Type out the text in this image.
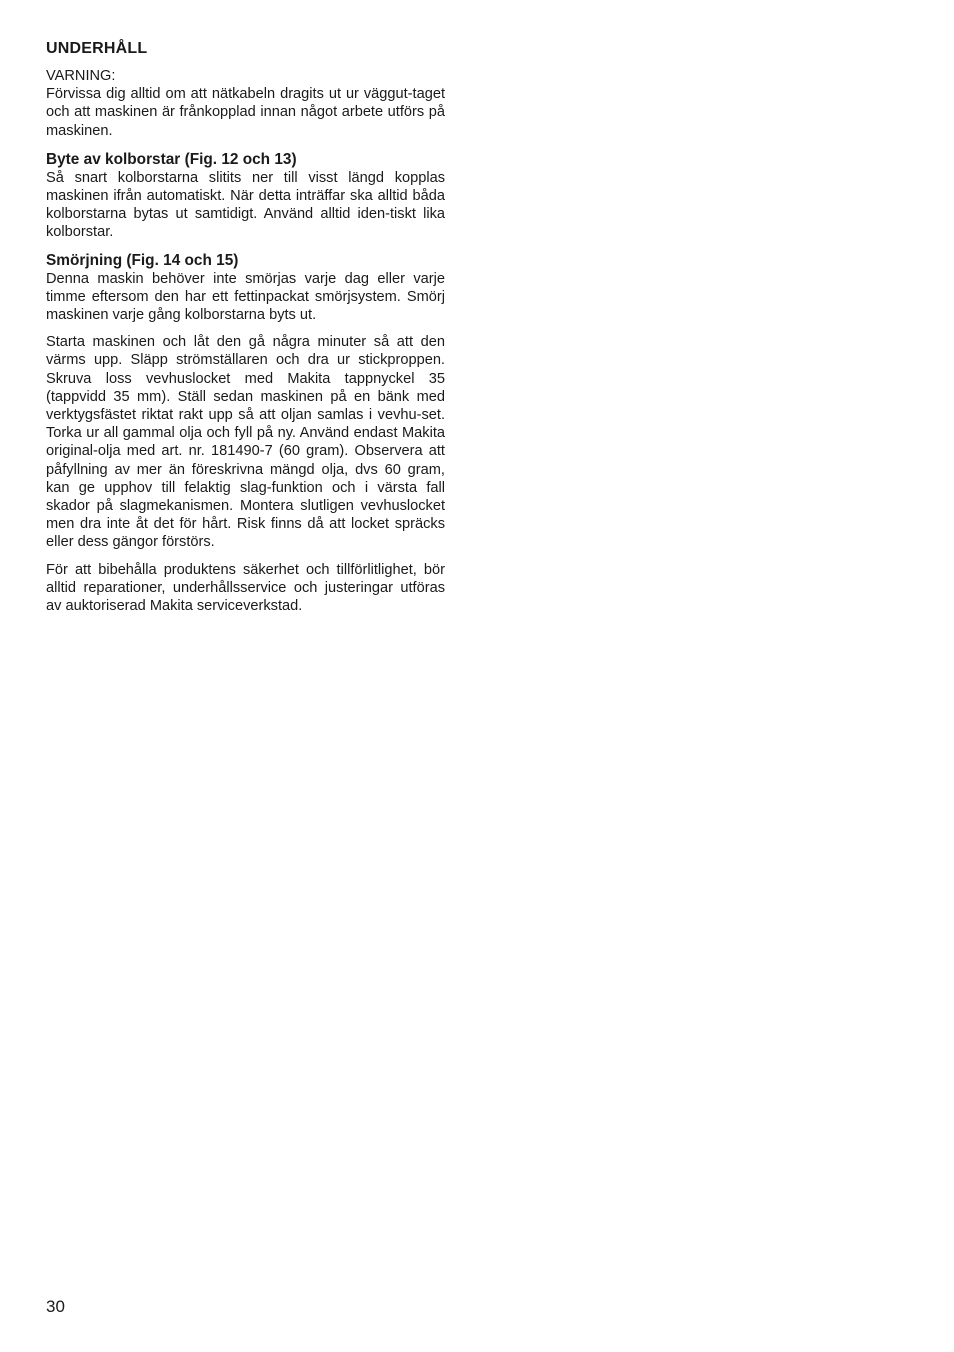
UNDERHÅLL
VARNING:

Förvissa dig alltid om att nätkabeln dragits ut ur väggut-taget och att maskinen är frånkopplad innan något arbete utförs på maskinen.

Byte av kolborstar (Fig. 12 och 13)

Så snart kolborstarna slitits ner till visst längd kopplas maskinen ifrån automatiskt. När detta inträffar ska alltid båda kolborstarna bytas ut samtidigt. Använd alltid iden-tiskt lika kolborstar.

Smörjning (Fig. 14 och 15)

Denna maskin behöver inte smörjas varje dag eller varje timme eftersom den har ett fettinpackat smörjsystem. Smörj maskinen varje gång kolborstarna byts ut.

Starta maskinen och låt den gå några minuter så att den värms upp. Släpp strömställaren och dra ur stickproppen. Skruva loss vevhuslocket med Makita tappnyckel 35 (tappvidd 35 mm). Ställ sedan maskinen på en bänk med verktygsfästet riktat rakt upp så att oljan samlas i vevhu-set. Torka ur all gammal olja och fyll på ny. Använd endast Makita original-olja med art. nr. 181490-7 (60 gram). Observera att påfyllning av mer än föreskrivna mängd olja, dvs 60 gram, kan ge upphov till felaktig slag-funktion och i värsta fall skador på slagmekanismen. Montera slutligen vevhuslocket men dra inte åt det för hårt. Risk finns då att locket spräcks eller dess gängor förstörs.

För att bibehålla produktens säkerhet och tillförlitlighet, bör alltid reparationer, underhållsservice och justeringar utföras av auktoriserad Makita serviceverkstad.

30
